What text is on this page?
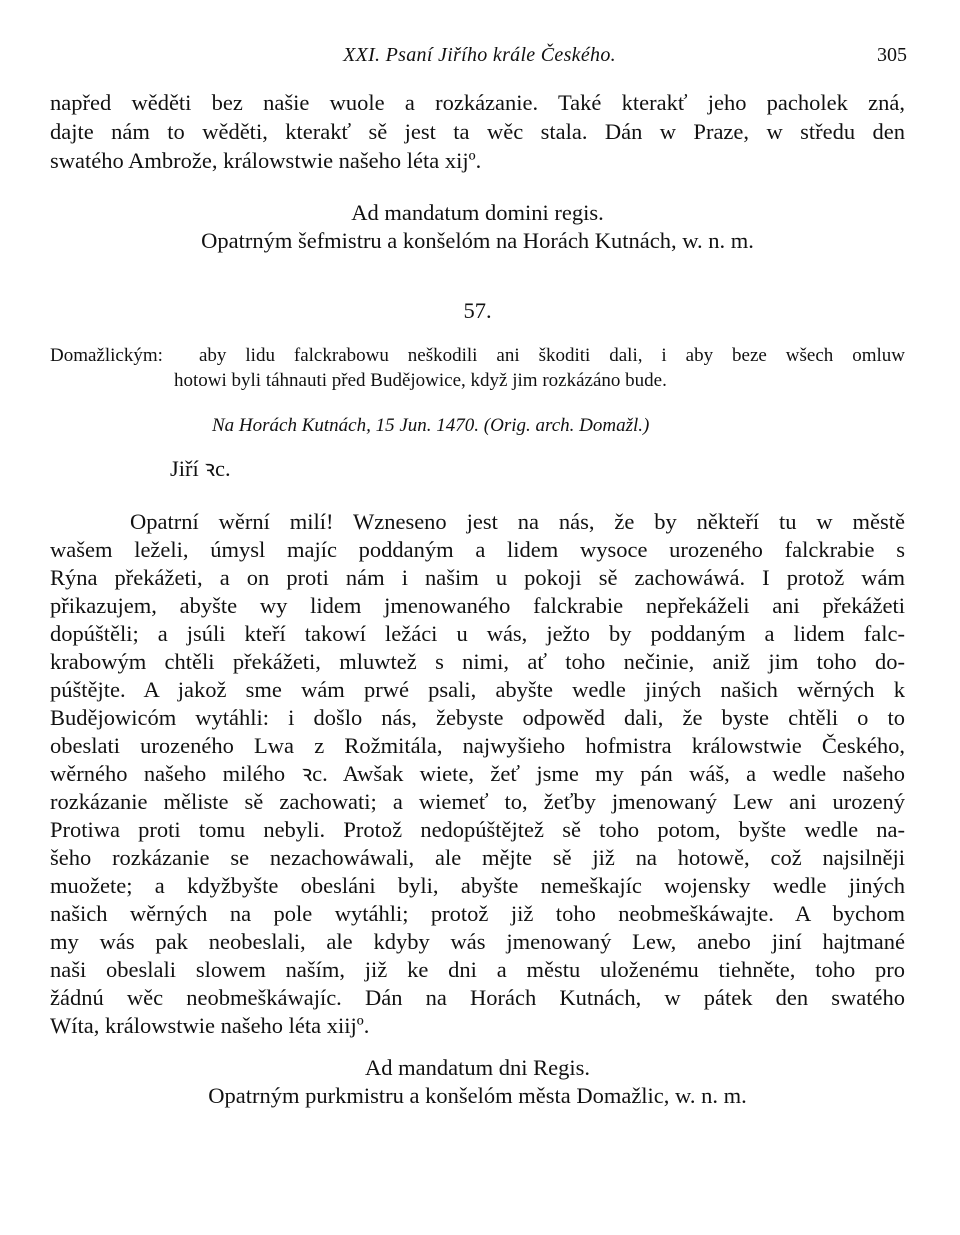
XXI. Psaní Jiřího krále Českého.	305
napřed wěděti bez našie wuole a rozkázanie. Také kterakť jeho pacholek zná,
dajte nám to wěděti, kterakť sě jest ta wěc stala. Dán w Praze, w středu den
swatého Ambrože, králowstwie našeho léta xijº.
Ad mandatum domini regis.
Opatrným šefmistru a konšelóm na Horách Kutnách, w. n. m.
57.
Domažlickým: aby lidu falckrabowu neškodili ani škoditi dali, i aby beze wšech omluw
hotowi byli táhnauti před Budějowice, když jim rozkázáno bude.
Na Horách Kutnách, 15 Jun. 1470. (Orig. arch. Domažl.)
Jiří ꝛc.
Opatrní wěrní milí! Wzneseno jest na nás, že by někteří tu w městě
wašem leželi, úmysl majíc poddaným a lidem wysoce urozeného falckrabie s
Rýna překážeti, a on proti nám i našim u pokoji sě zachowáwá. I protož wám
přikazujem, abyšte wy lidem jmenowaného falckrabie nepřekáželi ani překážeti
dopúštěli; a jsúli kteří takowí ležáci u wás, ježto by poddaným a lidem falc-
krabowým chtěli překážeti, mluwtež s nimi, ať toho nečinie, aniž jim toho do-
púštějte. A jakož sme wám prwé psali, abyšte wedle jiných našich wěrných k
Budějowicóm wytáhli: i došlo nás, žebyste odpowěd dali, že byste chtěli o to
obeslati urozeného Lwa z Rožmitála, najwyšieho hofmistra králowstwie Českého,
wěrného našeho milého ꝛc. Awšak wiete, žeť jsme my pán wáš, a wedle našeho
rozkázanie měliste sě zachowati; a wiemeť to, žeťby jmenowaný Lew ani urozený
Protiwa proti tomu nebyli. Protož nedopúštějtež sě toho potom, byšte wedle na-
šeho rozkázanie se nezachowáwali, ale mějte sě již na hotowě, což najsilněji
muožete; a kdyžbyšte obesláni byli, abyšte nemeškajíc wojensky wedle jiných
našich wěrných na pole wytáhli; protož již toho neobmeškáwajte. A bychom
my wás pak neobeslali, ale kdyby wás jmenowaný Lew, anebo jiní hajtmané
naši obeslali slowem naším, již ke dni a městu uloženému tiehněte, toho pro
žádnú wěc neobmeškáwajíc. Dán na Horách Kutnách, w pátek den swatého
Wíta, králowstwie našeho léta xiijº.
Ad mandatum dni Regis.
Opatrným purkmistru a konšelóm města Domažlic, w. n. m.
